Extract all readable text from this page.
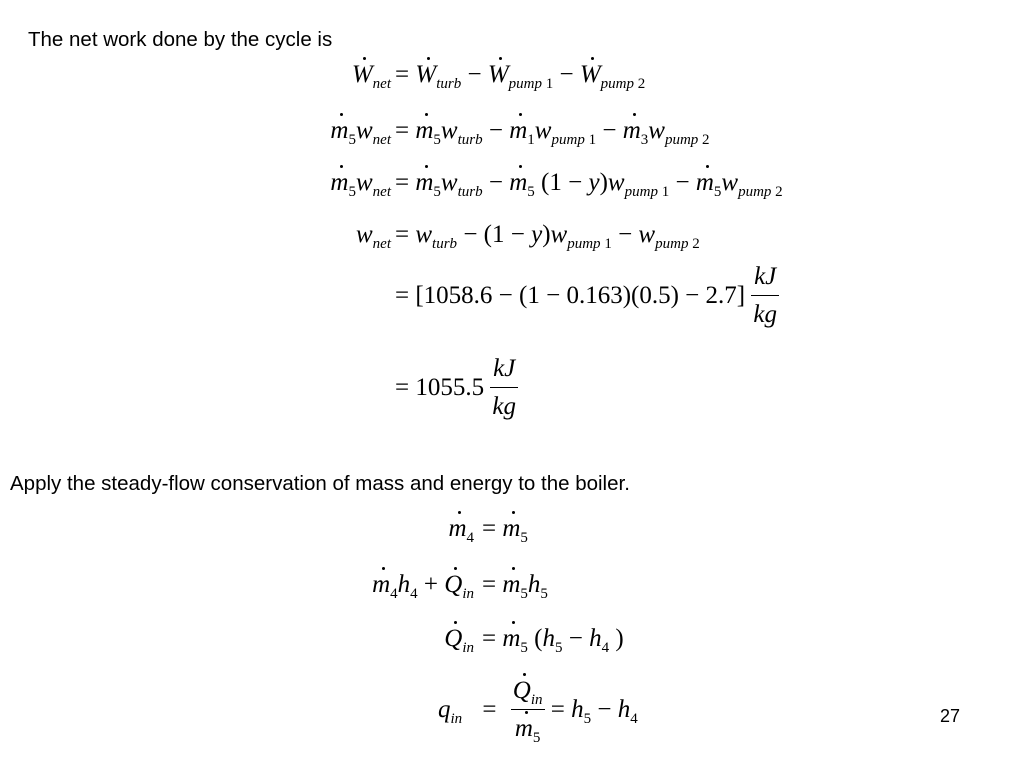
The net work done by the cycle is
$W_{net} = W_{turb} - W_{pump 1} - W_{pump 2}$
$m_5w_{net} = m_5w_{turb} - m_1w_{pump 1} - m_3w_{pump 2}$
$m_5w_{net} = m_5w_{turb} - m_5$ $(1 - y)w_{pump 1} - m_5w_{pump 2}$
$w_{net} = w_{turb} - (1 - y)w_{pump 1} - w_{pump 2}$
= $[1058.6 - (1 - 0.163)(0.5) - 2.7] \frac{kJ}{kg}$
= $1055.5 \frac{kJ}{kg}$
Apply the steady-flow conservation of mass and energy to the boiler.
$m_4 = m_5$
$m_4h_4 + Q_{in} = m_5h_5$
$Q_{in} = m_5$ ($h_5 - h_4$ )
$q_{in} = \frac{Q_{in}}{m_5} = h_5 - h_4$	27
